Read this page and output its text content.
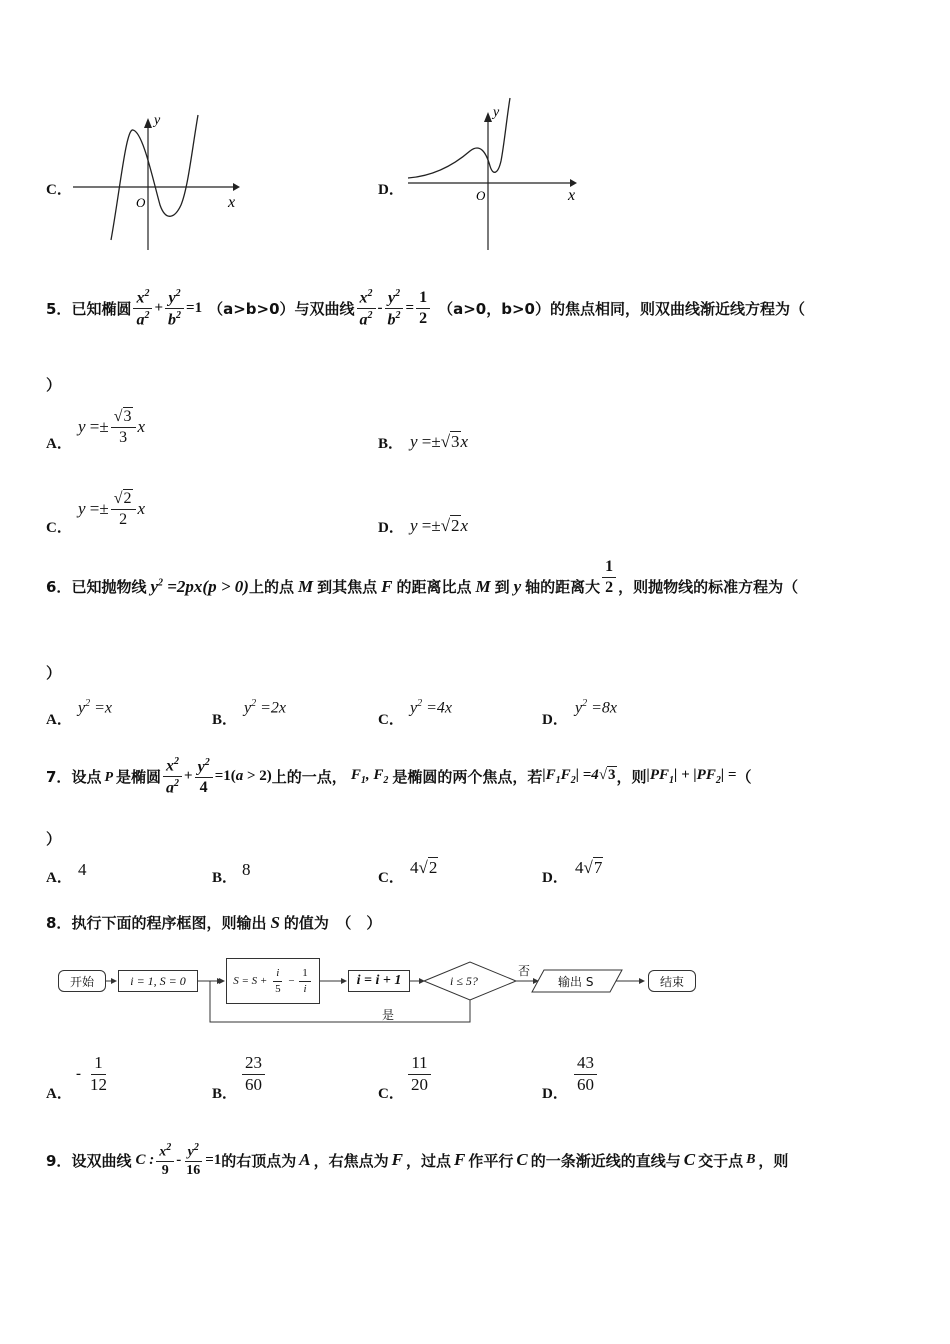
C．
y
x
O
D．
y
x
O
5． 已知椭圆 $\frac{x^2}{a^2} + \frac{y^2}{b^2} =1$ （a>b>0）与双曲线 $\frac{x^2}{a^2} - \frac{y^2}{b^2} = \frac{1}{2} (a>0$，b>0）的焦点相同，则双曲线渐近线方程为（
）
A．
$y =\pm \frac{√3}{3}$ x
B． y =±√3x
C．
$y =\pm \frac{√2}{2}$ x
D． y =±√2x
6． 已知抛物线 $y^2 =2px(p > 0)$ 上的点 M 到其焦点 F 的距离比点 M 到 y 轴的距离大 $\frac{1}{2}$ ，则抛物线的标准方程为（
）
A．
$y^2 =x$
B．
$y^2 =2x$
C．
$y^2 =4x$
D．
$y^2 =8x$
7． 设点 P 是椭圆 $\frac{x^2}{a^2} + \frac{y^2}{4} =1(a > 2)$ 上的一点， $F_1$, $F_2$ 是椭圆的两个焦点，若 $|F_1F_2| =4√3$ ，则 $|PF_1| + |PF_2|$ = （
）
A． 4	B． 8	C．
4√2
D．
4√7
8． 执行下面的程序框图，则输出 S 的值为　（　）
开始	i = 1, S = 0	$S = S + \frac{i}{5} - \frac{1}{i}$	i = i + 1	i ≤ 5?
否
是
输出 S	结束
A．
- $\frac{1}{12}$	B． $\frac{23}{60}$	C． $\frac{11}{20}$	D． $\frac{43}{60}$
9． 设双曲线 C : $\frac{x^2}{9} - \frac{y^2}{16} =1$ 的右顶点为 A ，右焦点为 F ，过点 F 作平行 C 的一条渐近线的直线与 C 交于点 B ，则
